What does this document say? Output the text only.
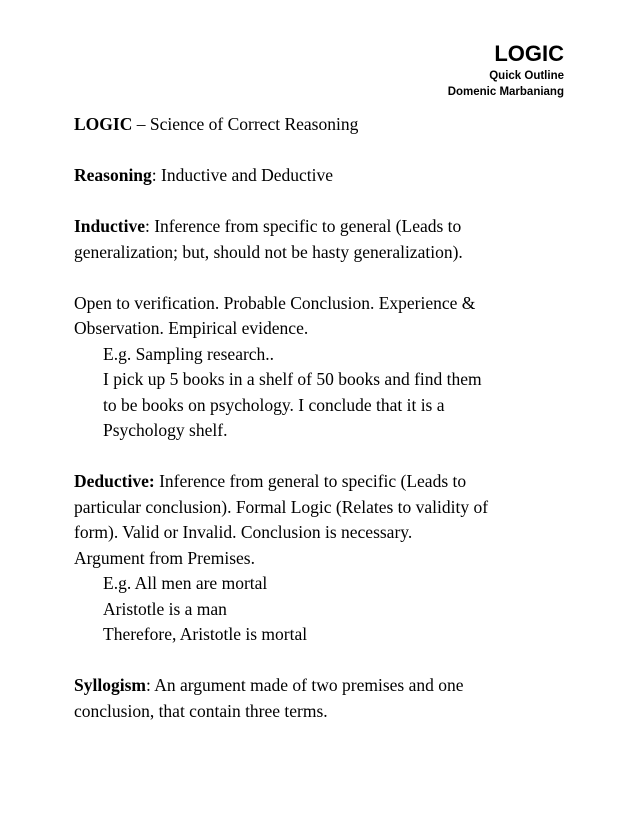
LOGIC
Quick Outline
Domenic Marbaniang

LOGIC – Science of Correct Reasoning

Reasoning: Inductive and Deductive

Inductive: Inference from specific to general (Leads to

generalization; but, should not be hasty generalization).

Open to verification. Probable Conclusion. Experience &

Observation. Empirical evidence.

E.g. Sampling research..

I pick up 5 books in a shelf of 50 books and find them

to be books on psychology. I conclude that it is a

Psychology shelf.

Deductive: Inference from general to specific (Leads to

particular conclusion). Formal Logic (Relates to validity of

form). Valid or Invalid. Conclusion is necessary.

Argument from Premises.

E.g. All men are mortal

Aristotle is a man

Therefore, Aristotle is mortal

Syllogism: An argument made of two premises and one

conclusion, that contain three terms.
